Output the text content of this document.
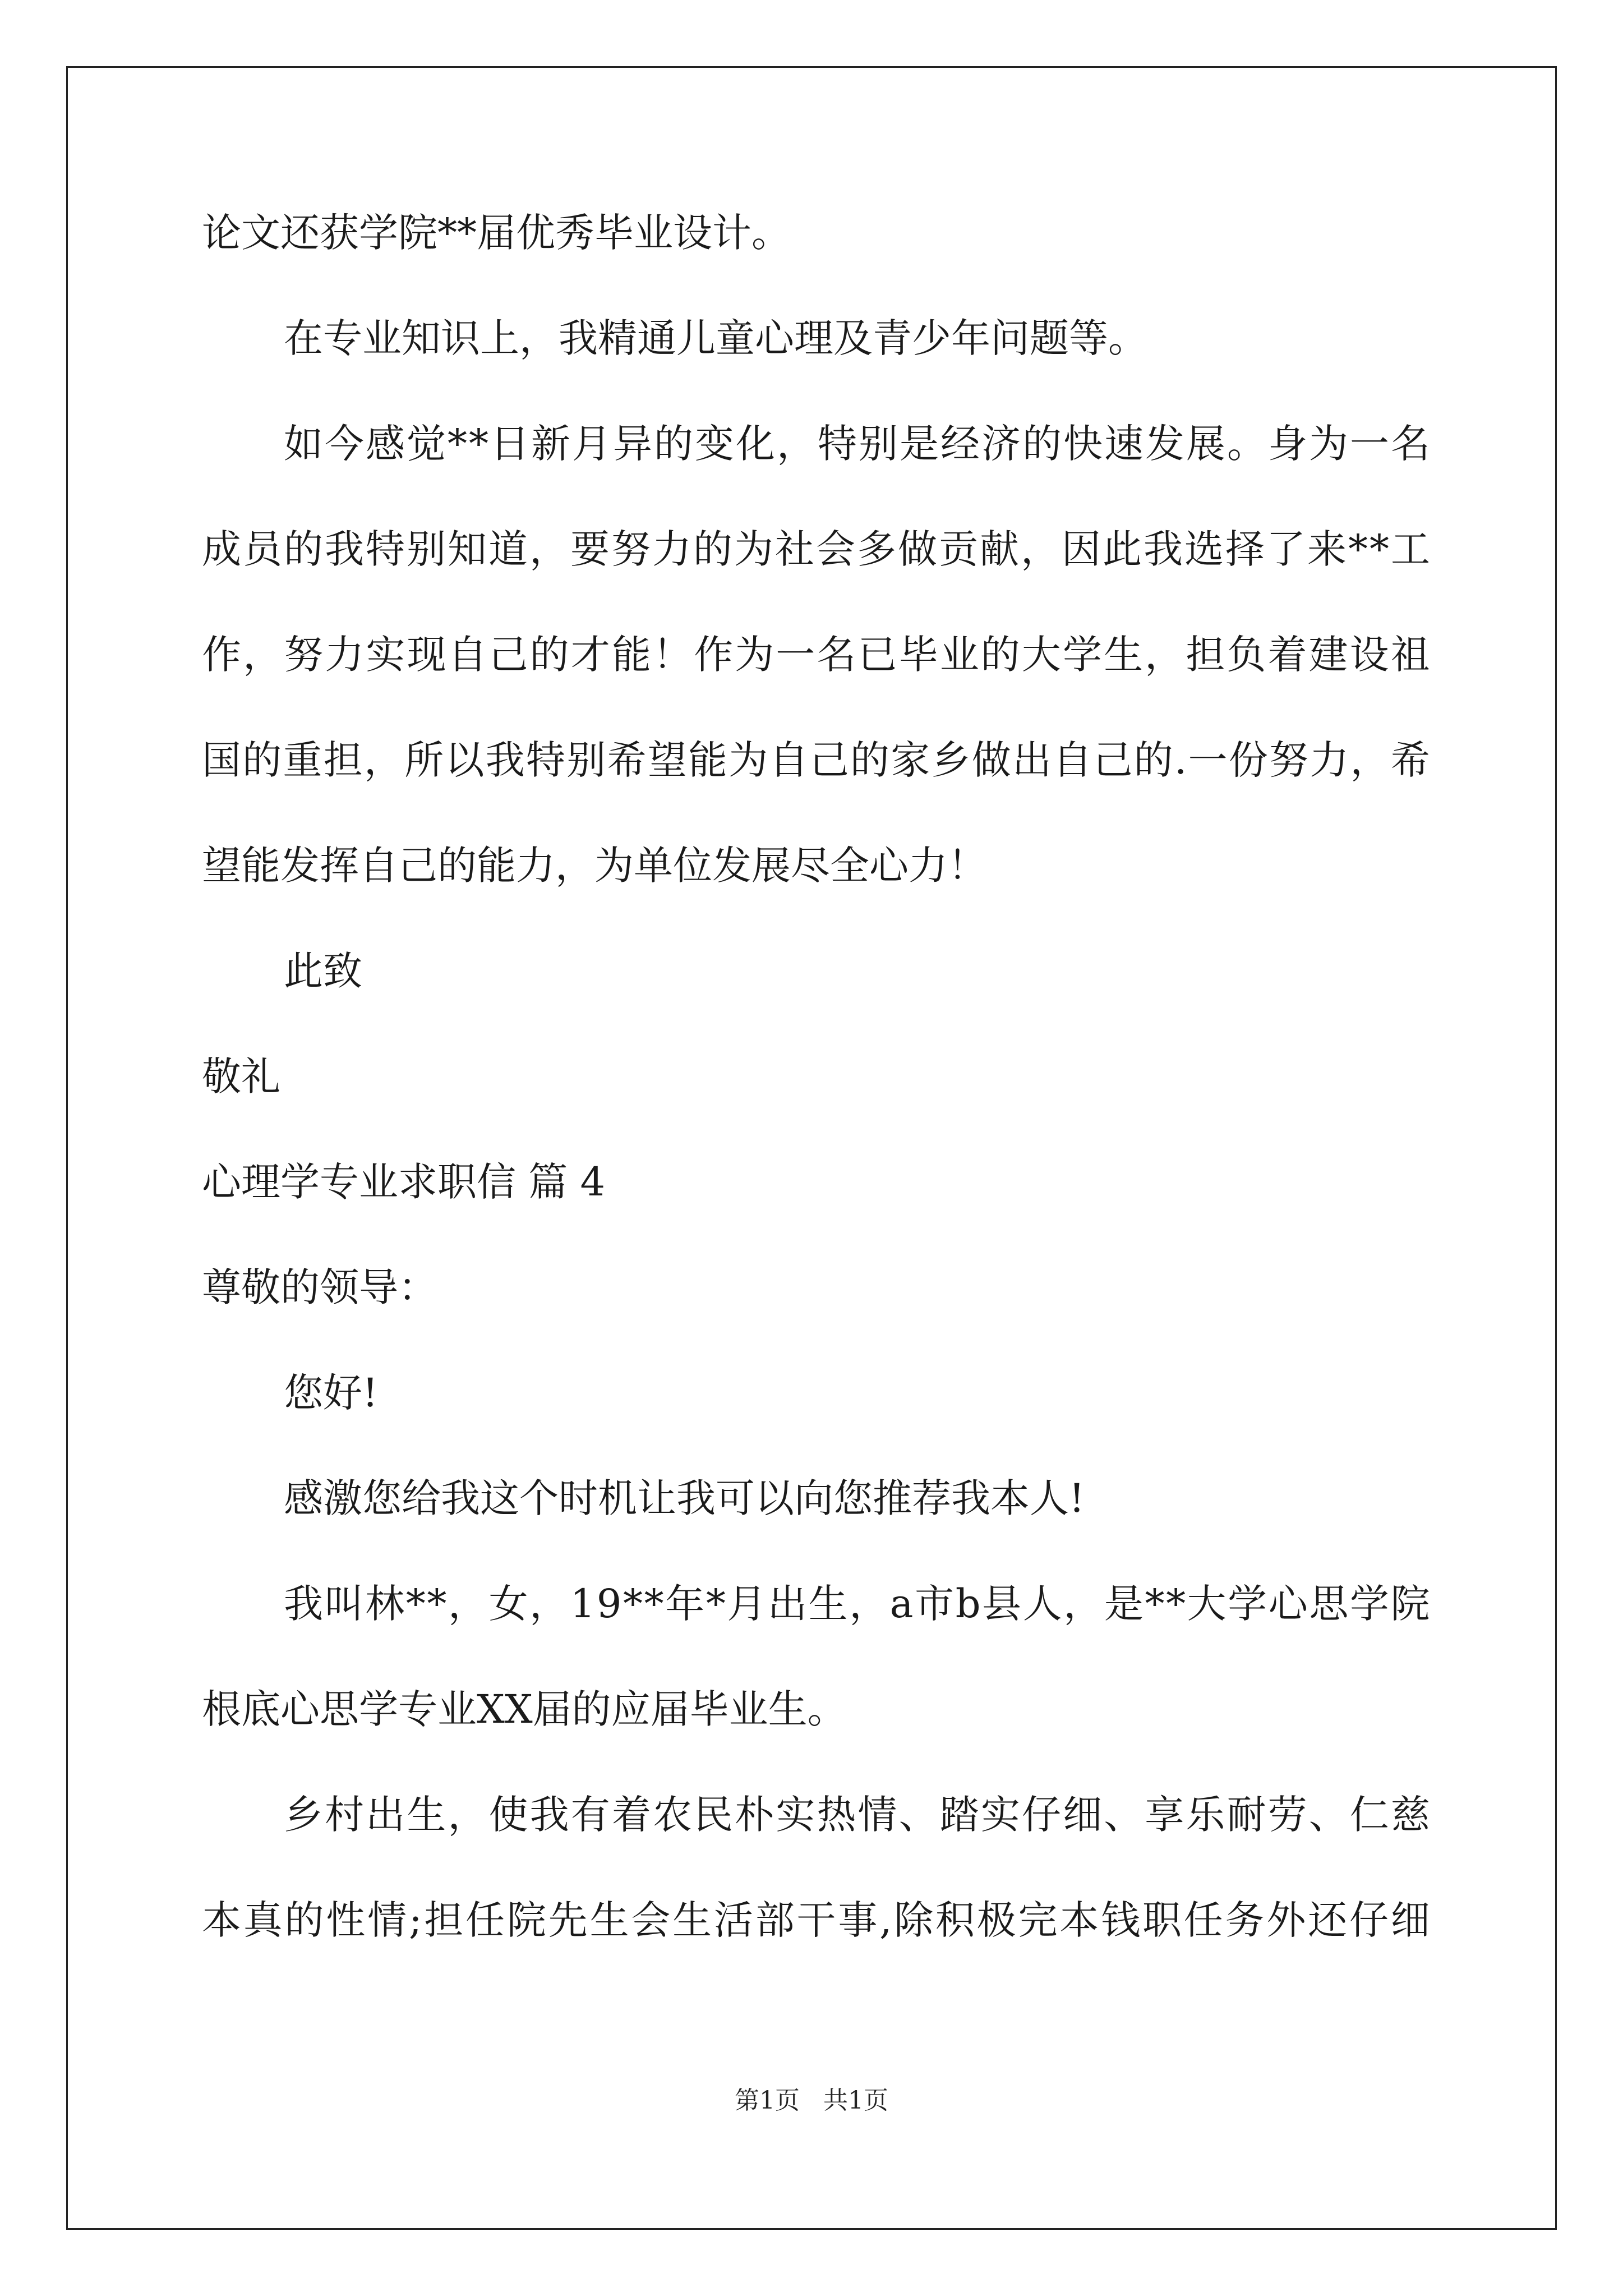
论文还获学院**届优秀毕业设计。
在专业知识上，我精通儿童心理及青少年问题等。
如 今 感 觉 * * 日 新 月 异 的 变 化 ， 特 别 是 经 济 的 快 速 发 展 。 身 为 一 名
成 员 的 我 特 别 知 道 ， 要 努 力 的 为 社 会 多 做 贡 献 ， 因 此 我 选 择 了 来 * * 工
作 ， 努 力 实 现 自 己 的 才 能 ！ 作 为 一 名 已 毕 业 的 大 学 生 ， 担 负 着 建 设 祖
国 的 重 担 ， 所 以 我 特 别 希 望 能 为 自 己 的 家 乡 做 出 自 己 的 . 一 份 努 力 ， 希
望能发挥自己的能力，为单位发展尽全心力！
此致
敬礼
心理学专业求职信 篇 4
尊敬的领导：
您好!
感激您给我这个时机让我可以向您推荐我本人!
我 叫 林 * * ， 女 ， 1 9 * * 年 * 月 出 生 ， a 市 b 县 人 ， 是 * * 大 学 心 思 学 院
根底心思学专业XX届的应届毕业生。
乡 村 出 生 ， 使 我 有 着 农 民 朴 实 热 情 、 踏 实 仔 细 、 享 乐 耐 劳 、 仁 慈
本 真 的 性 情 ; 担 任 院 先 生 会 生 活 部 干 事 , 除 积 极 完 本 钱 职 任 务 外 还 仔 细
第1页   共1页
